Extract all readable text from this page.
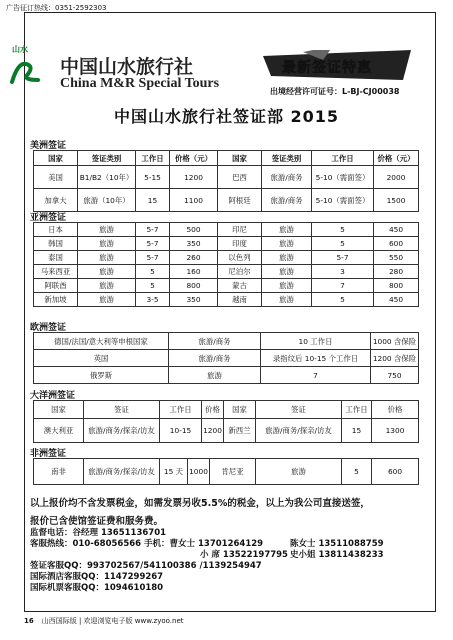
广告征订热线：0351-2592303
山水
中国山水旅行社
China M&R Special Tours
最新签证特惠
出境经营许可证号：L-BJ-CJ00038
中国山水旅行社签证部 2015
美洲签证
国家	签证类别	工作日	价格（元）	国家	签证类别	工作日	价格（元）
美国	B1/B2（10年）	5-15	1200	巴西	旅游/商务	5-10（需面签）	2000
加拿大	旅游（10年）	15	1100	阿根廷	旅游/商务	5-10（需面签）	1500
亚洲签证
日本	旅游	5-7	500	印尼	旅游	5	450
韩国	旅游	5-7	350	印度	旅游	5	600
泰国	旅游	5-7	260	以色列	旅游	5-7	550
马来西亚	旅游	5	160	尼泊尔	旅游	3	280
阿联酋	旅游	5	800	蒙古	旅游	7	800
新加坡	旅游	3-5	350	越南	旅游	5	450
欧洲签证
德国/法国/意大利等申根国家	旅游/商务	10 工作日	1000 含保险
英国	旅游/商务	录指纹后 10-15 个工作日	1200 含保险
俄罗斯	旅游	7	750
大洋洲签证
国家	签证	工作日	价格	国家	签证	工作日	价格
澳大利亚	旅游/商务/探亲/访友	10-15	1200	新西兰	旅游/商务/探亲/访友	15	1300
非洲签证
南非	旅游/商务/探亲/访友	15 天	1000	肯尼亚	旅游	5	600
以上报价均不含发票税金，如需发票另收5.5%的税金，以上为我公司直接送签，
报价已含使馆签证费和服务费。
监督电话：谷经理 13651136701
客服热线：010-68056566 手机：曹女士 13701264129	陈女士 13511088759
小 席 13522197795 史小姐 13811438233
签证客服QQ：993702567/541100386 /1139254947
国际酒店客服QQ：1147299267
国际机票客服QQ：1094610180
16 山西国际版 | 欢迎浏览电子版 www.zyoo.net
